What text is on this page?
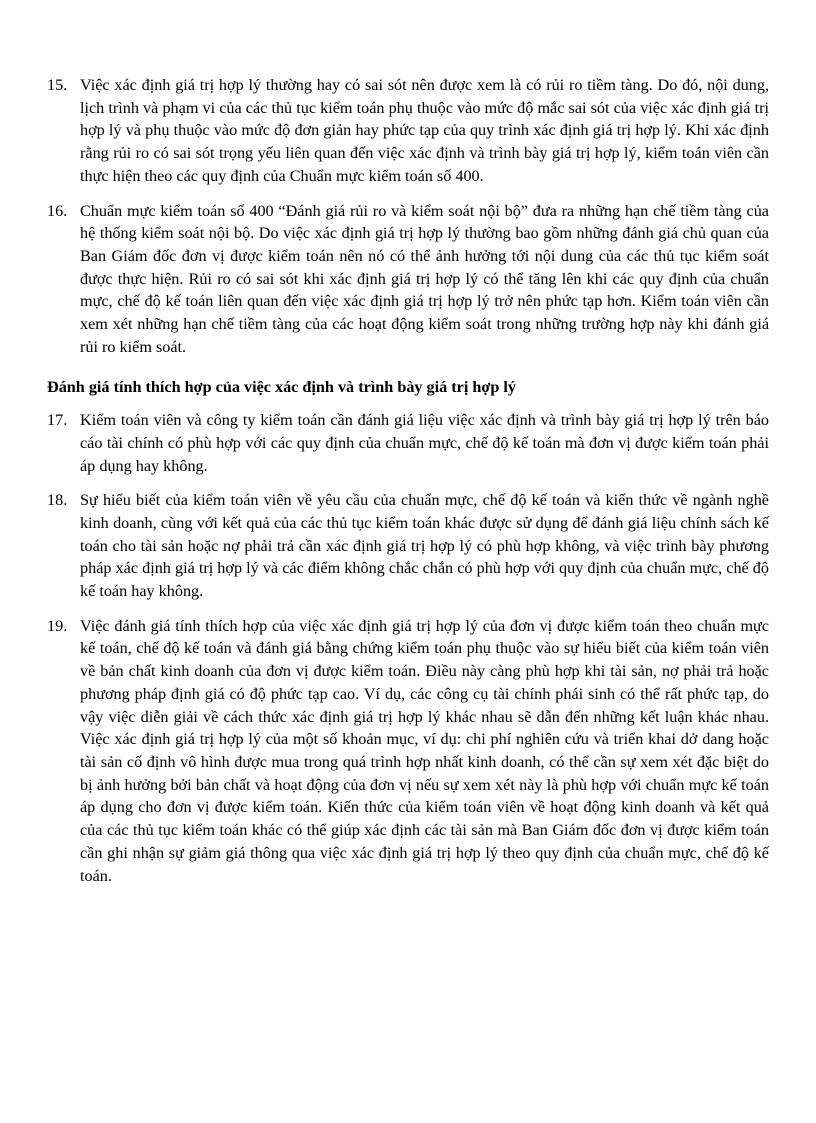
15. Việc xác định giá trị hợp lý thường hay có sai sót nên được xem là có rủi ro tiềm tàng. Do đó, nội dung, lịch trình và phạm vi của các thủ tục kiểm toán phụ thuộc vào mức độ mắc sai sót của việc xác định giá trị hợp lý và phụ thuộc vào mức độ đơn giản hay phức tạp của quy trình xác định giá trị hợp lý. Khi xác định rằng rủi ro có sai sót trọng yếu liên quan đến việc xác định và trình bày giá trị hợp lý, kiểm toán viên cần thực hiện theo các quy định của Chuẩn mực kiểm toán số 400.
16. Chuẩn mực kiểm toán số 400 “Đánh giá rủi ro và kiểm soát nội bộ” đưa ra những hạn chế tiềm tàng của hệ thống kiểm soát nội bộ. Do việc xác định giá trị hợp lý thường bao gồm những đánh giá chủ quan của Ban Giám đốc đơn vị được kiểm toán nên nó có thể ảnh hưởng tới nội dung của các thủ tục kiểm soát được thực hiện. Rủi ro có sai sót khi xác định giá trị hợp lý có thể tăng lên khi các quy định của chuẩn mực, chế độ kế toán liên quan đến việc xác định giá trị hợp lý trở nên phức tạp hơn. Kiểm toán viên cần xem xét những hạn chế tiềm tàng của các hoạt động kiểm soát trong những trường hợp này khi đánh giá rủi ro kiểm soát.
Đánh giá tính thích hợp của việc xác định và trình bày giá trị hợp lý
17. Kiểm toán viên và công ty kiểm toán cần đánh giá liệu việc xác định và trình bày giá trị hợp lý trên báo cáo tài chính có phù hợp với các quy định của chuẩn mực, chế độ kế toán mà đơn vị được kiểm toán phải áp dụng hay không.
18. Sự hiểu biết của kiểm toán viên về yêu cầu của chuẩn mực, chế độ kế toán và kiến thức về ngành nghề kinh doanh, cùng với kết quả của các thủ tục kiểm toán khác được sử dụng để đánh giá liệu chính sách kế toán cho tài sản hoặc nợ phải trả cần xác định giá trị hợp lý có phù hợp không, và việc trình bày phương pháp xác định giá trị hợp lý và các điểm không chắc chắn có phù hợp với quy định của chuẩn mực, chế độ kế toán hay không.
19. Việc đánh giá tính thích hợp của việc xác định giá trị hợp lý của đơn vị được kiểm toán theo chuẩn mực kế toán, chế độ kế toán và đánh giá bằng chứng kiểm toán phụ thuộc vào sự hiểu biết của kiểm toán viên về bản chất kinh doanh của đơn vị được kiểm toán. Điều này càng phù hợp khi tài sản, nợ phải trả hoặc phương pháp định giá có độ phức tạp cao. Ví dụ, các công cụ tài chính phái sinh có thể rất phức tạp, do vậy việc diễn giải về cách thức xác định giá trị hợp lý khác nhau sẽ dẫn đến những kết luận khác nhau. Việc xác định giá trị hợp lý của một số khoản mục, ví dụ: chi phí nghiên cứu và triển khai dở dang hoặc tài sản cố định vô hình được mua trong quá trình hợp nhất kinh doanh, có thể cần sự xem xét đặc biệt do bị ảnh hưởng bởi bản chất và hoạt động của đơn vị nếu sự xem xét này là phù hợp với chuẩn mực kế toán áp dụng cho đơn vị được kiểm toán. Kiến thức của kiểm toán viên về hoạt động kinh doanh và kết quả của các thủ tục kiểm toán khác có thể giúp xác định các tài sản mà Ban Giám đốc đơn vị được kiểm toán cần ghi nhận sự giảm giá thông qua việc xác định giá trị hợp lý theo quy định của chuẩn mực, chế độ kế toán.
